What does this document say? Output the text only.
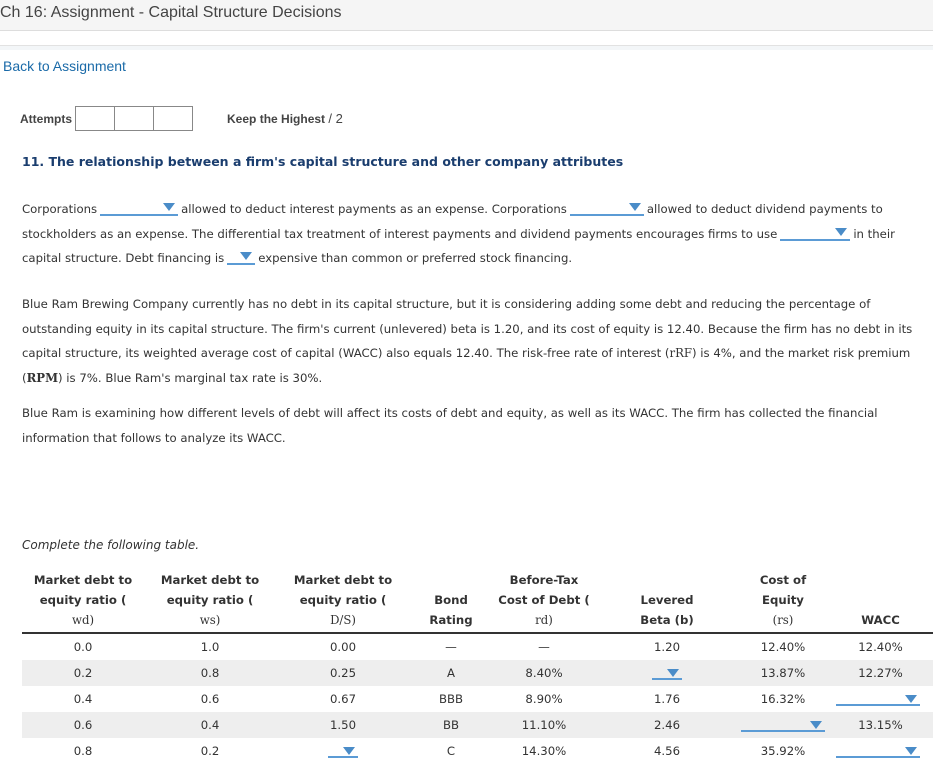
Ch 16: Assignment - Capital Structure Decisions
Back to Assignment
Attempts	Keep the Highest / 2
11. The relationship between a firm's capital structure and other company attributes
Corporations	allowed to deduct interest payments as an expense. Corporations	allowed to deduct dividend payments to stockholders as an expense. The differential tax treatment of interest payments and dividend payments encourages firms to use	in their capital structure. Debt financing is	expensive than common or preferred stock financing.
Blue Ram Brewing Company currently has no debt in its capital structure, but it is considering adding some debt and reducing the percentage of outstanding equity in its capital structure. The firm's current (unlevered) beta is 1.20, and its cost of equity is 12.40. Because the firm has no debt in its capital structure, its weighted average cost of capital (WACC) also equals 12.40. The risk-free rate of interest (rRF) is 4%, and the market risk premium (RPM) is 7%. Blue Ram's marginal tax rate is 30%.
Blue Ram is examining how different levels of debt will affect its costs of debt and equity, as well as its WACC. The firm has collected the financial information that follows to analyze its WACC.
Complete the following table.
Market debt to
equity ratio (
wd)	Market debt to
equity ratio (
ws)	Market debt to
equity ratio (
D/S)	Bond
Rating	Before-Tax
Cost of Debt (
rd)	Levered
Beta (b)	Cost of Equity
(rs)	WACC
0.0	1.0	0.00	—	—	1.20	12.40%	12.40%
0.2	0.8	0.25	A	8.40%		13.87%	12.27%
0.4	0.6	0.67	BBB	8.90%	1.76	16.32%	
0.6	0.4	1.50	BB	11.10%	2.46		13.15%
0.8	0.2		C	14.30%	4.56	35.92%	
